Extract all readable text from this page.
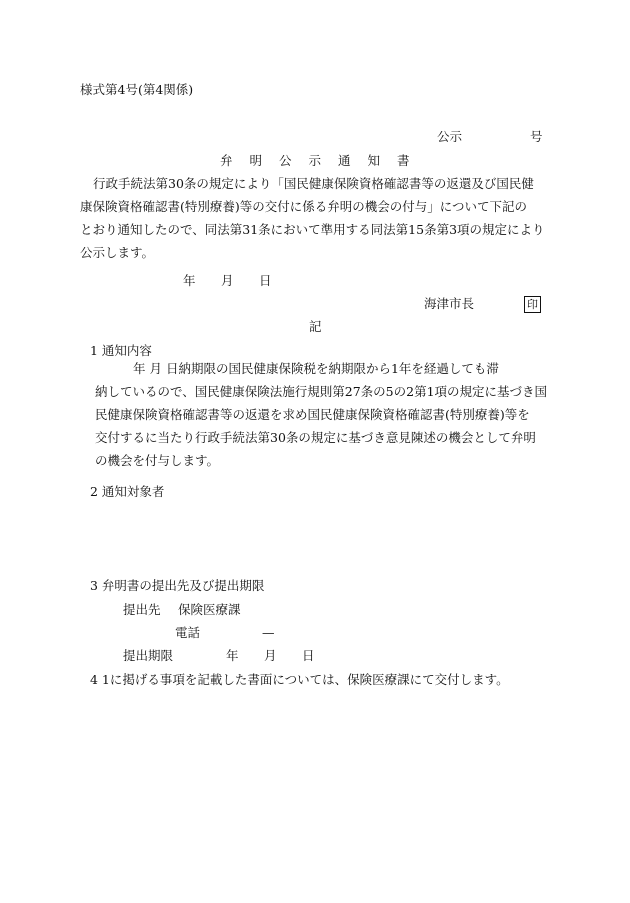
様式第4号(第4関係)
公示	号
弁明公示通知書
行政手続法第30条の規定により「国民健康保険資格確認書等の返還及び国民健
康保険資格確認書(特別療養)等の交付に係る弁明の機会の付与」について下記の
とおり通知したので、同法第31条において準用する同法第15条第3項の規定により
公示します。
年 月 日
海津市長	印
記
1 通知内容
年 月 日納期限の国民健康保険税を納期限から1年を経過しても滞
納しているので、国民健康保険法施行規則第27条の5の2第1項の規定に基づき国
民健康保険資格確認書等の返還を求め国民健康保険資格確認書(特別療養)等を
交付するに当たり行政手続法第30条の規定に基づき意見陳述の機会として弁明
の機会を付与します。
2 通知対象者
3 弁明書の提出先及び提出期限
提出先 保険医療課
電話	—
提出期限	年 月 日
4 1に掲げる事項を記載した書面については、保険医療課にて交付します。
